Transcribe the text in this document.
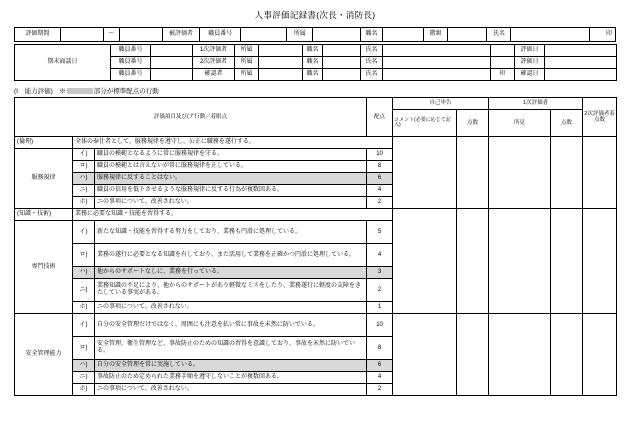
人事評価記録書(次長・消防長)
評価期間		～		被評価者	職員番号		所属		職名		階級		氏名		印
期末面談日	職員番号		1次評価者	所属		職名		氏名			評価日	
	職員番号		2次評価者	所属		職名		氏名			評価日	
	職員番号		確認者	所属		職名		氏名		印	確認日	
(Ⅰ　能力評価)　※	部分が標準配点の行動
評価項目及び(ア行動／着眼点			配点	自己申告		1次評価者		2次評価者着点数
				コメント(必要に応じて記入)	点数	所見	点数	
(倫理)	全体の奉仕者として、服務規律を遵守し、公正に職務を遂行する。							
服務規律	イ)	職員の模範となるように常に服務規律を守る。	10					
	ロ)	職員の模範とは言えないが常に服務規律を正している。	8					
	ハ)	服務規律に反することはない。	6					
	ニ)	職員の信用を低下させるような服務規律に反する行為が複数回ある。	4					
	ホ)	ニの事項について、改善されない。	2					
(知識・技術)	業務に必要な知識・技能を習得する。							
専門技術	イ)	新たな知識・技能を習得する努力をしており、業務も円滑に処理している。	5					
	ロ)	業務の遂行に必要となる知識を有しており、また活用して業務を正確かつ円滑に処理している。	4					
	ハ)	他からのサポートなしに、業務を行っている。	3					
	ニ)	業務知識の不足により、他からのサポートがあり軽微なミスをしたり、業務遂行に軽度の支障をきたしている事実がある。	2					
	ホ)	ニの事項について、改善されない。	1					
安全管理能力	イ)	自分の安全管理だけではなく、周囲にも注意を払い常に事故を未然に防いでいる。	10					
	ロ)	安全管理、衛生管理など、事故防止のための知識の習得を意識しており、事故を未然に防いでいる。	8					
	ハ)	自分の安全管理を常に実施している。	6					
	ニ)	事故防止のため定められた業務手順を遵守しないことが複数回ある。	4					
	ホ)	ニの事項について、改善されない。	2					
